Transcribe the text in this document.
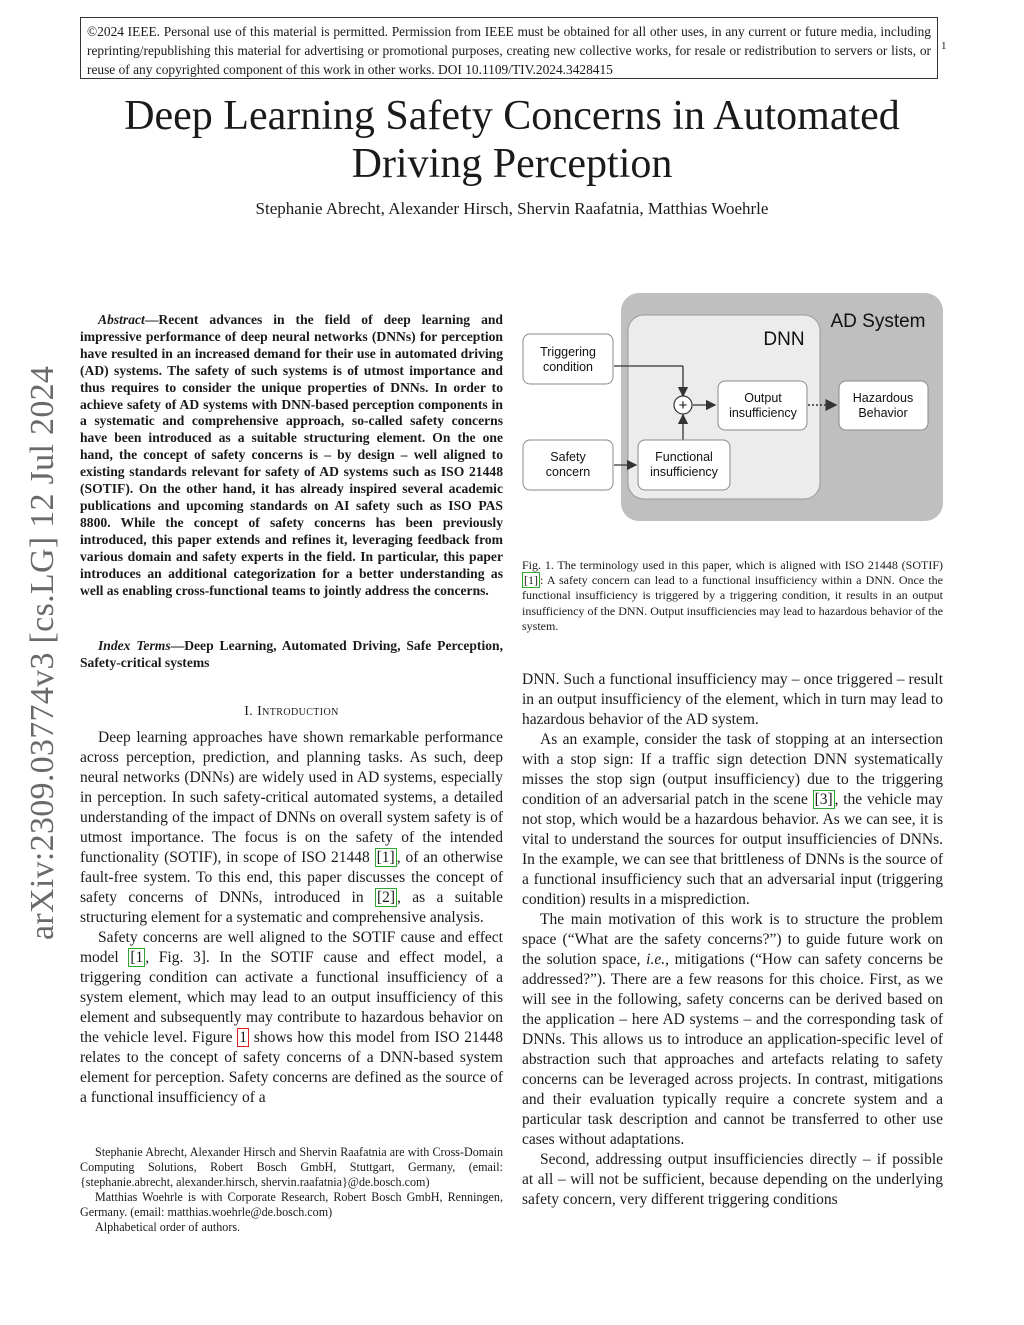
©2024 IEEE. Personal use of this material is permitted. Permission from IEEE must be obtained for all other uses, in any current or future media, including reprinting/republishing this material for advertising or promotional purposes, creating new collective works, for resale or redistribution to servers or lists, or reuse of any copyrighted component of this work in other works. DOI 10.1109/TIV.2024.3428415
1
arXiv:2309.03774v3 [cs.LG] 12 Jul 2024
Deep Learning Safety Concerns in Automated
Driving Perception
Stephanie Abrecht, Alexander Hirsch, Shervin Raafatnia, Matthias Woehrle
Abstract—Recent advances in the field of deep learning and impressive performance of deep neural networks (DNNs) for perception have resulted in an increased demand for their use in automated driving (AD) systems. The safety of such systems is of utmost importance and thus requires to consider the unique properties of DNNs. In order to achieve safety of AD systems with DNN-based perception components in a systematic and comprehensive approach, so-called safety concerns have been introduced as a suitable structuring element. On the one hand, the concept of safety concerns is – by design – well aligned to existing standards relevant for safety of AD systems such as ISO 21448 (SOTIF). On the other hand, it has already inspired several academic publications and upcoming standards on AI safety such as ISO PAS 8800. While the concept of safety concerns has been previously introduced, this paper extends and refines it, leveraging feedback from various domain and safety experts in the field. In particular, this paper introduces an additional categorization for a better understanding as well as enabling cross-functional teams to jointly address the concerns.
Index Terms—Deep Learning, Automated Driving, Safe Perception, Safety-critical systems
I. Introduction

Deep learning approaches have shown remarkable performance across perception, prediction, and planning tasks. As such, deep neural networks (DNNs) are widely used in AD systems, especially in perception. In such safety-critical automated systems, a detailed understanding of the impact of DNNs on overall system safety is of utmost importance. The focus is on the safety of the intended functionality (SOTIF), in scope of ISO 21448 [1] , of an otherwise fault-free system. To this end, this paper discusses the concept of safety concerns of DNNs, introduced in [2] , as a suitable structuring element for a systematic and comprehensive analysis.

Safety concerns are well aligned to the SOTIF cause and effect model [1 , Fig. 3]. In the SOTIF cause and effect model, a triggering condition can activate a functional insufficiency of a system element, which may lead to an output insufficiency of this element and subsequently may contribute to hazardous behavior on the vehicle level. Figure 1 shows how this model from ISO 21448 relates to the concept of safety concerns of a DNN-based system element for perception. Safety concerns are defined as the source of a functional insufficiency of a

Stephanie Abrecht, Alexander Hirsch and Shervin Raafatnia are with Cross-Domain Computing Solutions, Robert Bosch GmbH, Stuttgart, Germany, (email: {stephanie.abrecht, alexander.hirsch, shervin.raafatnia}@de.bosch.com)

Matthias Woehrle is with Corporate Research, Robert Bosch GmbH, Renningen, Germany. (email: matthias.woehrle@de.bosch.com)

Alphabetical order of authors.

AD System
DNN
+
Triggering
condition
Safety
concern
Functional
insufficiency
Output
insufficiency
Hazardous
Behavior
Fig. 1. The terminology used in this paper, which is aligned with ISO 21448 (SOTIF) [1] : A safety concern can lead to a functional insufficiency within a DNN. Once the functional insufficiency is triggered by a triggering condition, it results in an output insufficiency of the DNN. Output insufficiencies may lead to hazardous behavior of the system.

DNN. Such a functional insufficiency may – once triggered – result in an output insufficiency of the element, which in turn may lead to hazardous behavior of the AD system.

As an example, consider the task of stopping at an intersection with a stop sign: If a traffic sign detection DNN systematically misses the stop sign (output insufficiency) due to the triggering condition of an adversarial patch in the scene [3] , the vehicle may not stop, which would be a hazardous behavior. As we can see, it is vital to understand the sources for output insufficiencies of DNNs. In the example, we can see that brittleness of DNNs is the source of a functional insufficiency such that an adversarial input (triggering condition) results in a misprediction.

The main motivation of this work is to structure the problem space (“What are the safety concerns?”) to guide future work on the solution space, i.e., mitigations (“How can safety concerns be addressed?”). There are a few reasons for this choice. First, as we will see in the following, safety concerns can be derived based on the application – here AD systems – and the corresponding task of DNNs. This allows us to introduce an application-specific level of abstraction such that approaches and artefacts relating to safety concerns can be leveraged across projects. In contrast, mitigations and their evaluation typically require a concrete system and a particular task description and cannot be transferred to other use cases without adaptations.

Second, addressing output insufficiencies directly – if possible at all – will not be sufficient, because depending on the underlying safety concern, very different triggering conditions
